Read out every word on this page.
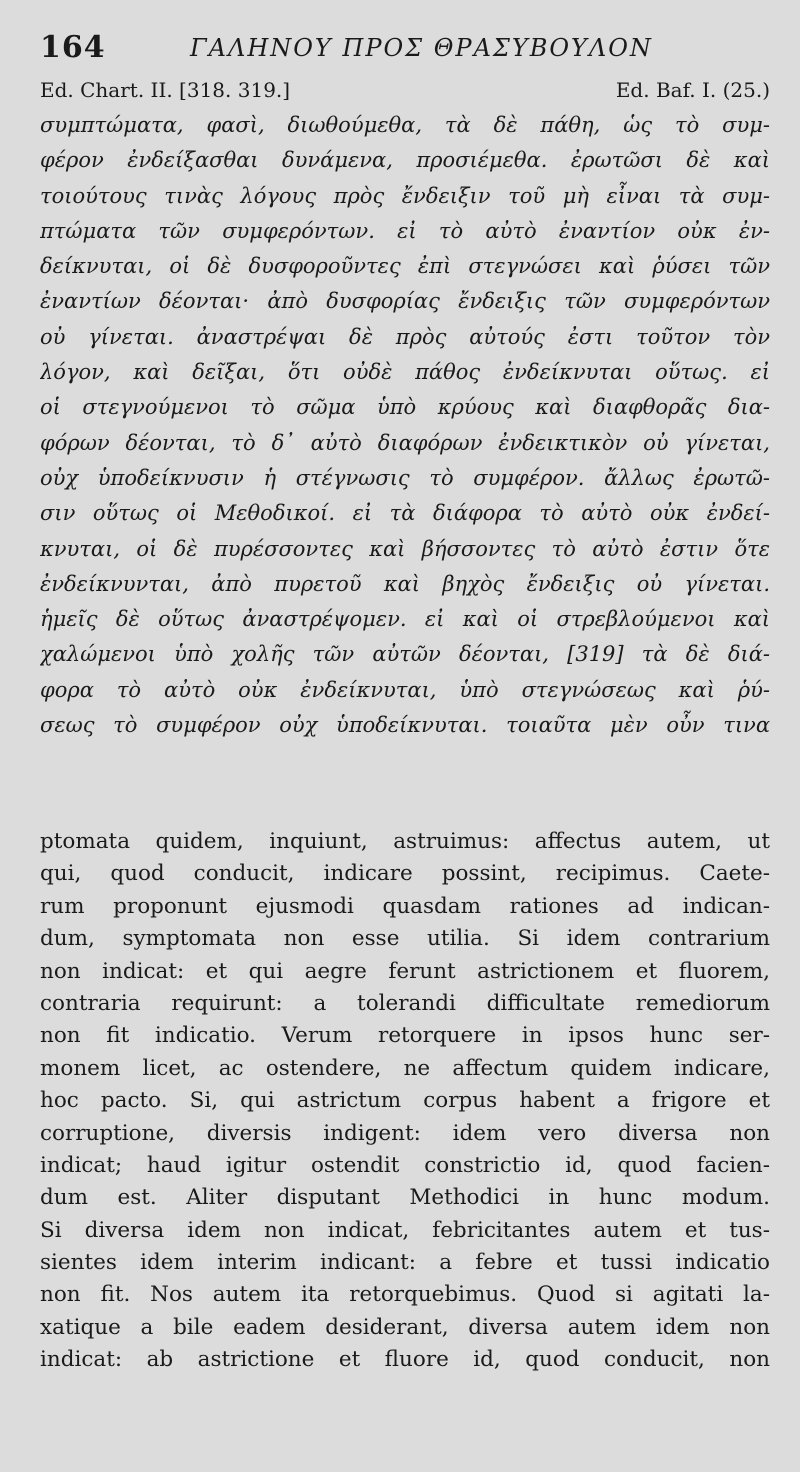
164	ΓΑΛΗΝΟΥ ΠΡΟΣ ΘΡΑΣΥΒΟΥΛΟΝ
Ed. Chart. II. [318. 319.]	Ed. Baf. I. (25.)
συμπτώματα, φασὶ, διωθούμεθα, τὰ δὲ πάθη, ὡς τὸ συμ-
φέρον ἐνδείξασθαι δυνάμενα, προσιέμεθα. ἐρωτῶσι δὲ καὶ
τοιούτους τινὰς λόγους πρὸς ἔνδειξιν τοῦ μὴ εἶναι τὰ συμ-
πτώματα τῶν συμφερόντων. εἰ τὸ αὐτὸ ἐναντίον οὐκ ἐν-
δείκνυται, οἱ δὲ δυσφοροῦντες ἐπὶ στεγνώσει καὶ ῥύσει τῶν
ἐναντίων δέονται· ἀπὸ δυσφορίας ἔνδειξις τῶν συμφερόντων
οὐ γίνεται. ἀναστρέψαι δὲ πρὸς αὐτούς ἐστι τοῦτον τὸν
λόγον, καὶ δεῖξαι, ὅτι οὐδὲ πάθος ἐνδείκνυται οὕτως. εἰ
οἱ στεγνούμενοι τὸ σῶμα ὑπὸ κρύους καὶ διαφθορᾶς δια-
φόρων δέονται, τὸ δ᾽ αὐτὸ διαφόρων ἐνδεικτικὸν οὐ γίνεται,
οὐχ ὑποδείκνυσιν ἡ στέγνωσις τὸ συμφέρον. ἄλλως ἐρωτῶ-
σιν οὕτως οἱ Μεθοδικοί. εἰ τὰ διάφορα τὸ αὐτὸ οὐκ ἐνδεί-
κνυται, οἱ δὲ πυρέσσοντες καὶ βήσσοντες τὸ αὐτὸ ἐστιν ὅτε
ἐνδείκνυνται, ἀπὸ πυρετοῦ καὶ βηχὸς ἔνδειξις οὐ γίνεται.
ἡμεῖς δὲ οὕτως ἀναστρέψομεν. εἰ καὶ οἱ στρεβλούμενοι καὶ
χαλώμενοι ὑπὸ χολῆς τῶν αὐτῶν δέονται, [319] τὰ δὲ διά-
φορα τὸ αὐτὸ οὐκ ἐνδείκνυται, ὑπὸ στεγνώσεως καὶ ῥύ-
σεως τὸ συμφέρον οὐχ ὑποδείκνυται. τοιαῦτα μὲν οὖν τινα
ptomata quidem, inquiunt, astruimus: affectus autem, ut
qui, quod conducit, indicare possint, recipimus. Caete-
rum proponunt ejusmodi quasdam rationes ad indican-
dum, symptomata non esse utilia. Si idem contrarium
non indicat: et qui aegre ferunt astrictionem et fluorem,
contraria requirunt: a tolerandi difficultate remediorum
non fit indicatio. Verum retorquere in ipsos hunc ser-
monem licet, ac ostendere, ne affectum quidem indicare,
hoc pacto. Si, qui astrictum corpus habent a frigore et
corruptione, diversis indigent: idem vero diversa non
indicat; haud igitur ostendit constrictio id, quod facien-
dum est. Aliter disputant Methodici in hunc modum.
Si diversa idem non indicat, febricitantes autem et tus-
sientes idem interim indicant: a febre et tussi indicatio
non fit. Nos autem ita retorquebimus. Quod si agitati la-
xatique a bile eadem desiderant, diversa autem idem non
indicat: ab astrictione et fluore id, quod conducit, non
